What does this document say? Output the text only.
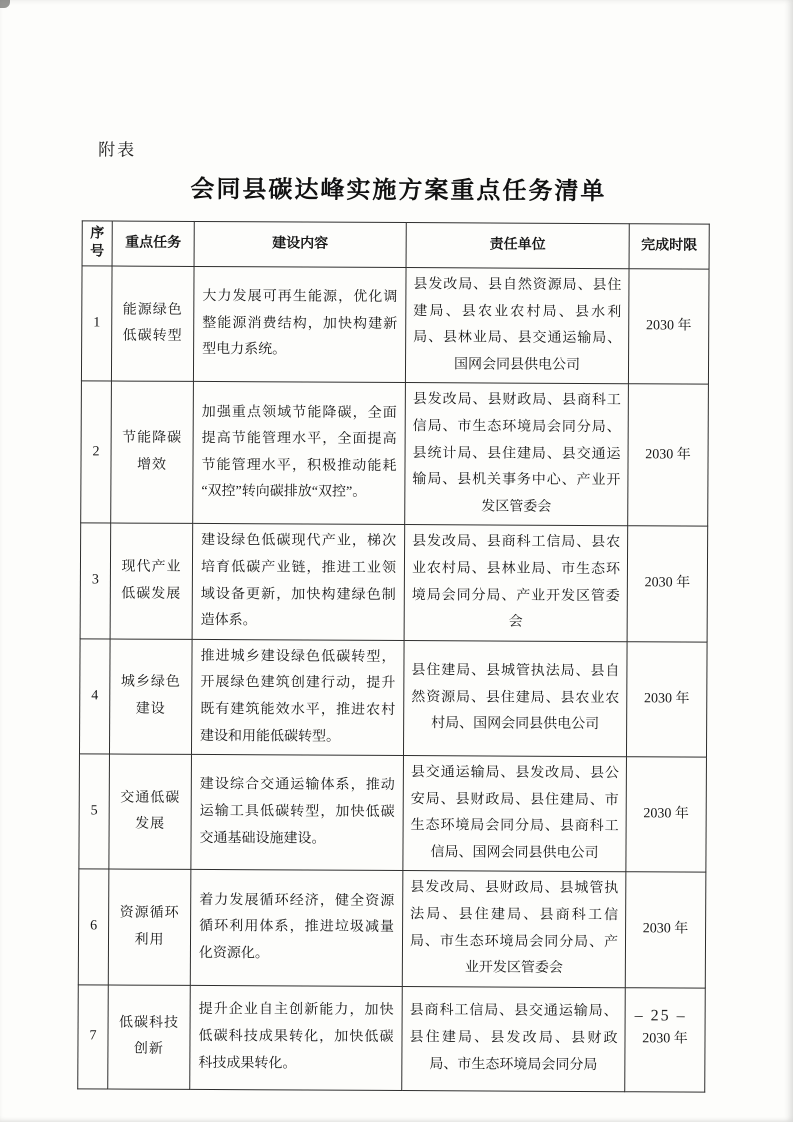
附表
会同县碳达峰实施方案重点任务清单
序号	重点任务	建设内容	责任单位	完成时限
1	能源绿色低碳转型	大力发展可再生能源，优化调整能源消费结构，加快构建新型电力系统。	县发改局、县自然资源局、县住建局、县农业农村局、县水利局、县林业局、县交通运输局、国网会同县供电公司	2030 年
2	节能降碳增效	加强重点领域节能降碳，全面提高节能管理水平，全面提高节能管理水平，积极推动能耗“双控”转向碳排放“双控”。	县发改局、县财政局、县商科工信局、市生态环境局会同分局、县统计局、县住建局、县交通运输局、县机关事务中心、产业开发区管委会	2030 年
3	现代产业低碳发展	建设绿色低碳现代产业，梯次培育低碳产业链，推进工业领域设备更新，加快构建绿色制造体系。	县发改局、县商科工信局、县农业农村局、县林业局、市生态环境局会同分局、产业开发区管委会	2030 年
4	城乡绿色建设	推进城乡建设绿色低碳转型，开展绿色建筑创建行动，提升既有建筑能效水平，推进农村建设和用能低碳转型。	县住建局、县城管执法局、县自然资源局、县住建局、县农业农村局、国网会同县供电公司	2030 年
5	交通低碳发展	建设综合交通运输体系，推动运输工具低碳转型，加快低碳交通基础设施建设。	县交通运输局、县发改局、县公安局、县财政局、县住建局、市生态环境局会同分局、县商科工信局、国网会同县供电公司	2030 年
6	资源循环利用	着力发展循环经济，健全资源循环利用体系，推进垃圾减量化资源化。	县发改局、县财政局、县城管执法局、县住建局、县商科工信局、市生态环境局会同分局、产业开发区管委会	2030 年
7	低碳科技创新	提升企业自主创新能力，加快低碳科技成果转化，加快低碳科技成果转化。	县商科工信局、县交通运输局、县住建局、县发改局、县财政局、市生态环境局会同分局	2030 年
– 25 –
